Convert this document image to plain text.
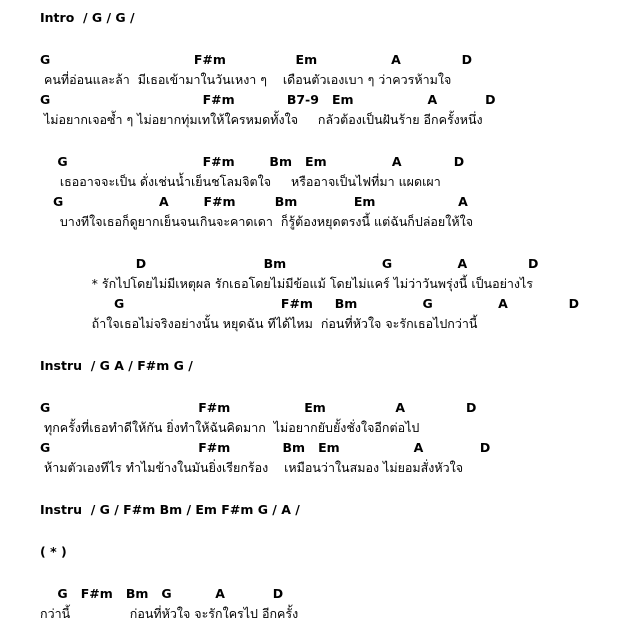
Intro  / G / G /
G                                 F#m                Em                 A              D
คนที่อ่อนและล้า  มีเธอเข้ามาในวันเหงา ๆ    เดือนตัวเองเบา ๆ ว่าควรห้ามใจ
G                                   F#m            B7-9   Em                 A           D
ไม่อยากเจอซ้ำ ๆ ไม่อยากทุ่มเทให้ใครหมดทั้งใจ     กลัวต้องเป็นฝันร้าย อีกครั้งหนึ่ง
G                               F#m        Bm   Em               A            D
เธออาจจะเป็น ดั่งเช่นน้ำเย็นชโลมจิตใจ     หรืออาจเป็นไฟที่มา แผดเผา
G                      A        F#m         Bm             Em                   A
บางทีใจเธอก็ดูยากเย็นจนเกินจะคาดเดา  ก็รู้ต้องหยุดตรงนี้ แต่ฉันก็ปล่อยให้ใจ
D                           Bm                      G               A              D
* รักไปโดยไม่มีเหตุผล รักเธอโดยไม่มีข้อแม้ โดยไม่แคร์ ไม่ว่าวันพรุ่งนี้ เป็นอย่างไร
G                                    F#m     Bm               G               A              D
ถ้าใจเธอไม่จริงอย่างนั้น หยุดฉัน ทีได้ไหม  ก่อนที่หัวใจ จะรักเธอไปกว่านี้
Instru  / G A / F#m G /
G                                  F#m                 Em                A              D
ทุกครั้งที่เธอทำดีให้กัน ยิ่งทำให้ฉันคิดมาก  ไม่อยากยับยั้งชั่งใจอีกต่อไป
G                                  F#m            Bm   Em                 A             D
ห้ามตัวเองทีไร ทำไมข้างในมันยิ่งเรียกร้อง    เหมือนว่าในสมอง ไม่ยอมสั่งหัวใจ
Instru  / G / F#m Bm / Em F#m G / A /
( * )
G   F#m   Bm   G          A           D
กว่านี้               ก่อนที่หัวใจ จะรักใครไป อีกครั้ง
